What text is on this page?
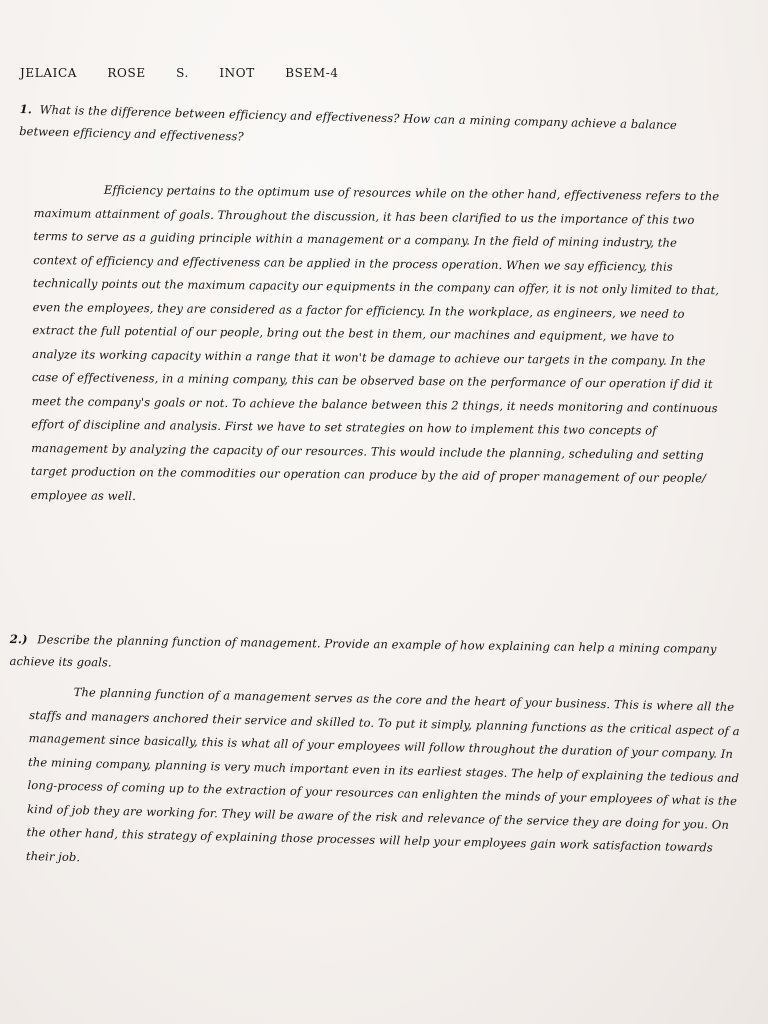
JELAICA	ROSE	S.	INOT	BSEM-4
1. What is the difference between efficiency and effectiveness? How can a mining company achieve a balance between efficiency and effectiveness?
Efficiency pertains to the optimum use of resources while on the other hand, effectiveness refers to the maximum attainment of goals. Throughout the discussion, it has been clarified to us the importance of this two terms to serve as a guiding principle within a management or a company. In the field of mining industry, the context of efficiency and effectiveness can be applied in the process operation. When we say efficiency, this technically points out the maximum capacity our equipments in the company can offer, it is not only limited to that, even the employees, they are considered as a factor for efficiency. In the workplace, as engineers, we need to extract the full potential of our people, bring out the best in them, our machines and equipment, we have to analyze its working capacity within a range that it won't be damage to achieve our targets in the company. In the case of effectiveness, in a mining company, this can be observed base on the performance of our operation if did it meet the company's goals or not. To achieve the balance between this 2 things, it needs monitoring and continuous effort of discipline and analysis. First we have to set strategies on how to implement this two concepts of management by analyzing the capacity of our resources. This would include the planning, scheduling and setting target production on the commodities our operation can produce by the aid of proper management of our people/ employee as well.
2.) Describe the planning function of management. Provide an example of how explaining can help a mining company achieve its goals.
The planning function of a management serves as the core and the heart of your business. This is where all the staffs and managers anchored their service and skilled to. To put it simply, planning functions as the critical aspect of a management since basically, this is what all of your employees will follow throughout the duration of your company. In the mining company, planning is very much important even in its earliest stages. The help of explaining the tedious and long-process of coming up to the extraction of your resources can enlighten the minds of your employees of what is the kind of job they are working for. They will be aware of the risk and relevance of the service they are doing for you. On the other hand, this strategy of explaining those processes will help your employees gain work satisfaction towards their job.
